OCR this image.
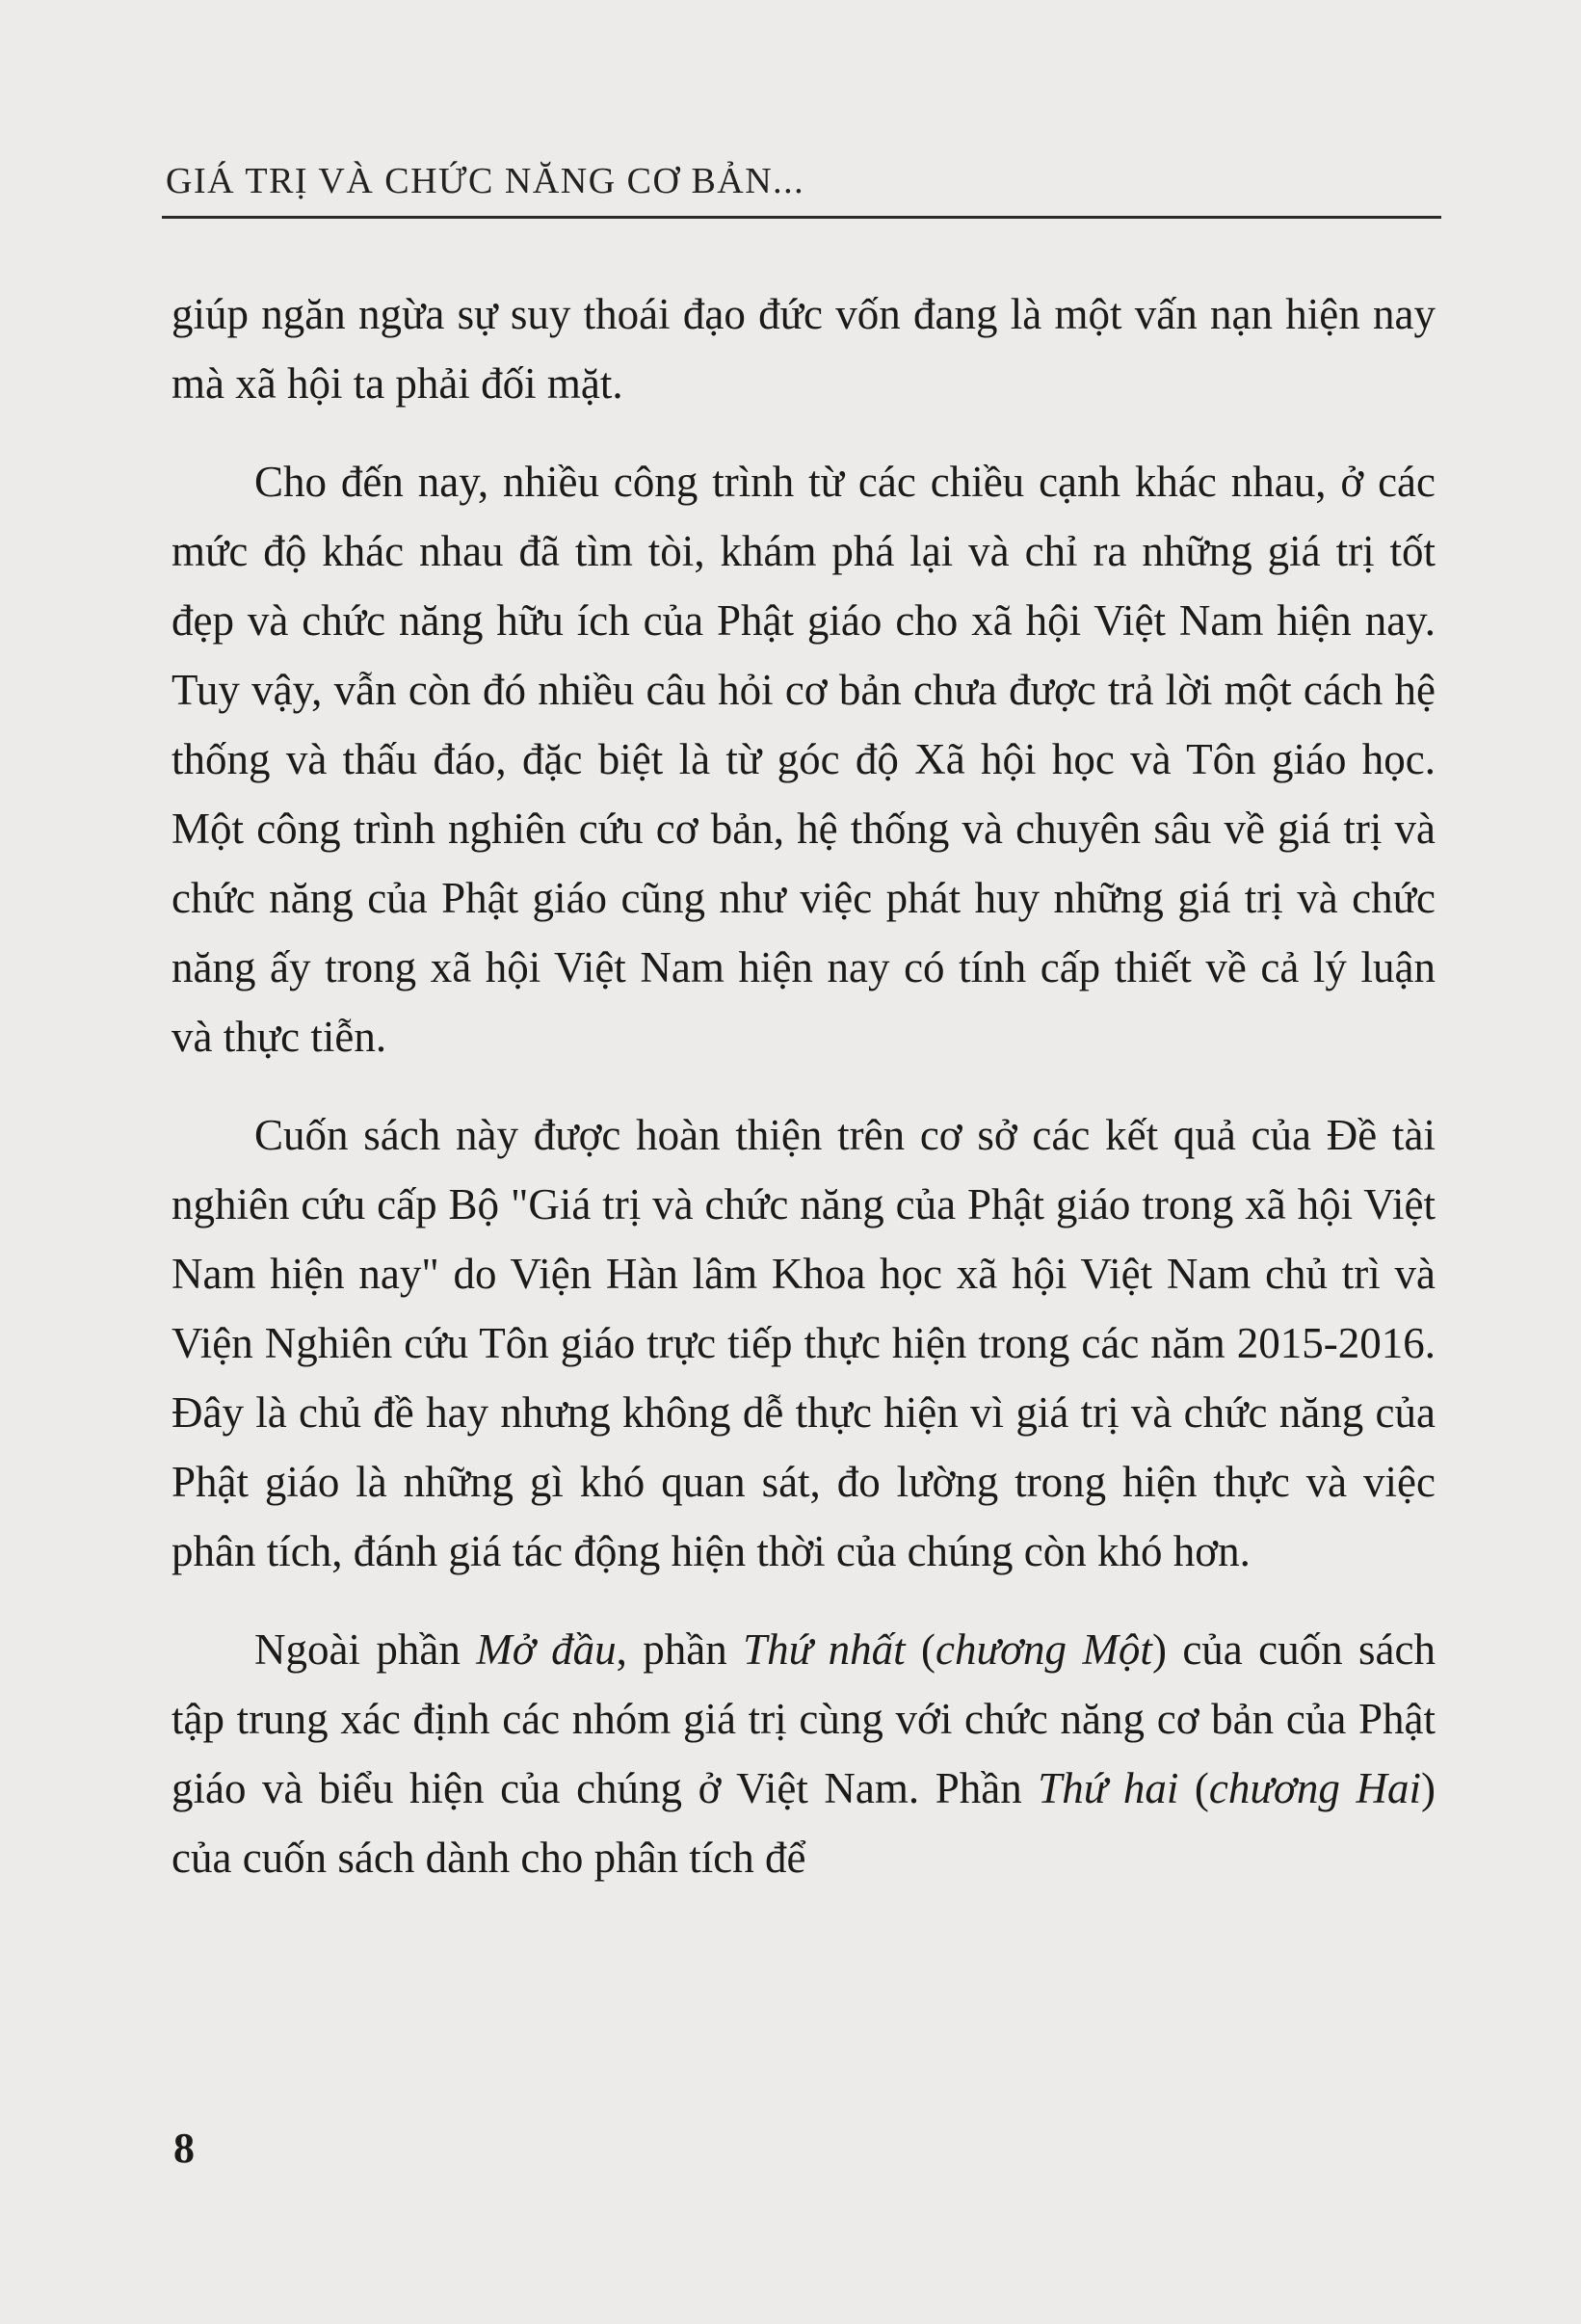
GIÁ TRỊ VÀ CHỨC NĂNG CƠ BẢN...

giúp ngăn ngừa sự suy thoái đạo đức vốn đang là một vấn nạn hiện nay mà xã hội ta phải đối mặt.

Cho đến nay, nhiều công trình từ các chiều cạnh khác nhau, ở các mức độ khác nhau đã tìm tòi, khám phá lại và chỉ ra những giá trị tốt đẹp và chức năng hữu ích của Phật giáo cho xã hội Việt Nam hiện nay. Tuy vậy, vẫn còn đó nhiều câu hỏi cơ bản chưa được trả lời một cách hệ thống và thấu đáo, đặc biệt là từ góc độ Xã hội học và Tôn giáo học. Một công trình nghiên cứu cơ bản, hệ thống và chuyên sâu về giá trị và chức năng của Phật giáo cũng như việc phát huy những giá trị và chức năng ấy trong xã hội Việt Nam hiện nay có tính cấp thiết về cả lý luận và thực tiễn.

Cuốn sách này được hoàn thiện trên cơ sở các kết quả của Đề tài nghiên cứu cấp Bộ "Giá trị và chức năng của Phật giáo trong xã hội Việt Nam hiện nay" do Viện Hàn lâm Khoa học xã hội Việt Nam chủ trì và Viện Nghiên cứu Tôn giáo trực tiếp thực hiện trong các năm 2015-2016. Đây là chủ đề hay nhưng không dễ thực hiện vì giá trị và chức năng của Phật giáo là những gì khó quan sát, đo lường trong hiện thực và việc phân tích, đánh giá tác động hiện thời của chúng còn khó hơn.

Ngoài phần Mở đầu, phần Thứ nhất (chương Một) của cuốn sách tập trung xác định các nhóm giá trị cùng với chức năng cơ bản của Phật giáo và biểu hiện của chúng ở Việt Nam. Phần Thứ hai (chương Hai) của cuốn sách dành cho phân tích để

8
